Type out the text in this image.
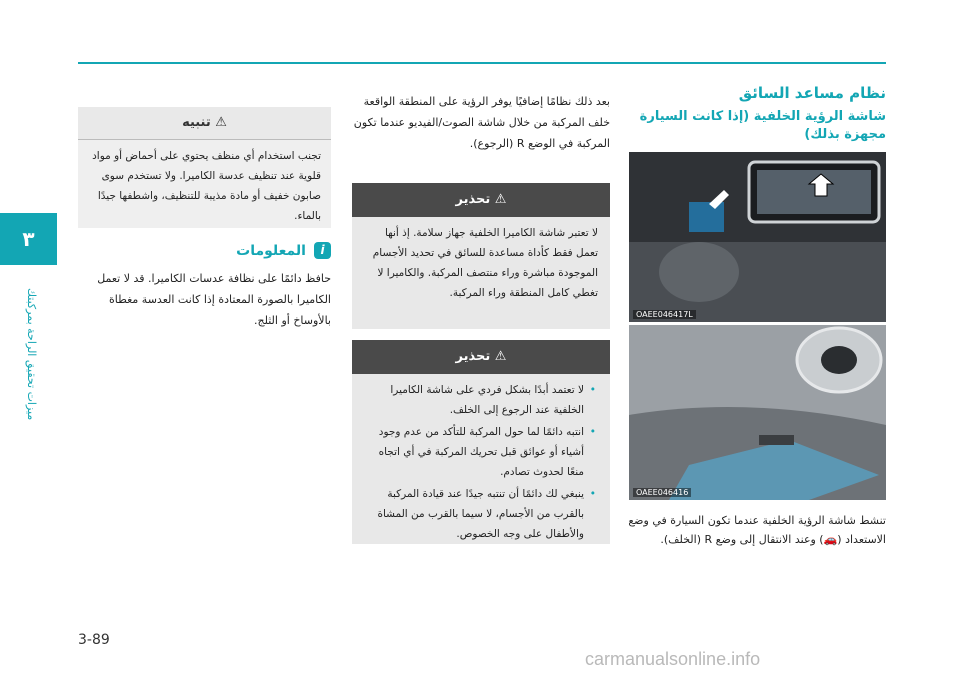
٣
ميزات تحقيق الراحة بمركبتك
نظام مساعد السائق
شاشة الرؤية الخلفية (إذا كانت السيارة مجهزة بذلك)
OAEE046417L
OAEE046416
تنشط شاشة الرؤية الخلفية عندما تكون السيارة في وضع الاستعداد (🚗) وعند الانتقال إلى وضع R (الخلف).
بعد ذلك نظامًا إضافيًا يوفر الرؤية على المنطقة الواقعة خلف المركبة من خلال شاشة الصوت/الفيديو عندما تكون المركبة في الوضع R (الرجوع).
⚠ تحذير
لا تعتبر شاشة الكاميرا الخلفية جهاز سلامة. إذ أنها تعمل فقط كأداة مساعدة للسائق في تحديد الأجسام الموجودة مباشرة وراء منتصف المركبة. والكاميرا لا تغطي كامل المنطقة وراء المركبة.
⚠ تحذير
• لا تعتمد أبدًا بشكل فردي على شاشة الكاميرا الخلفية عند الرجوع إلى الخلف.
• انتبه دائمًا لما حول المركبة للتأكد من عدم وجود أشياء أو عوائق قبل تحريك المركبة في أي اتجاه منعًا لحدوث تصادم.
• ينبغي لك دائمًا أن تنتبه جيدًا عند قيادة المركبة بالقرب من الأجسام، لا سيما بالقرب من المشاة والأطفال على وجه الخصوص.
⚠ تنبيه
تجنب استخدام أي منظف يحتوي على أحماض أو مواد قلوية عند تنظيف عدسة الكاميرا. ولا تستخدم سوى صابون خفيف أو مادة مذيبة للتنظيف، واشطفها جيدًا بالماء.
i
المعلومات
حافظ دائمًا على نظافة عدسات الكاميرا. قد لا تعمل الكاميرا بالصورة المعتادة إذا كانت العدسة مغطاة بالأوساخ أو الثلج.
3-89
carmanualsonline.info
